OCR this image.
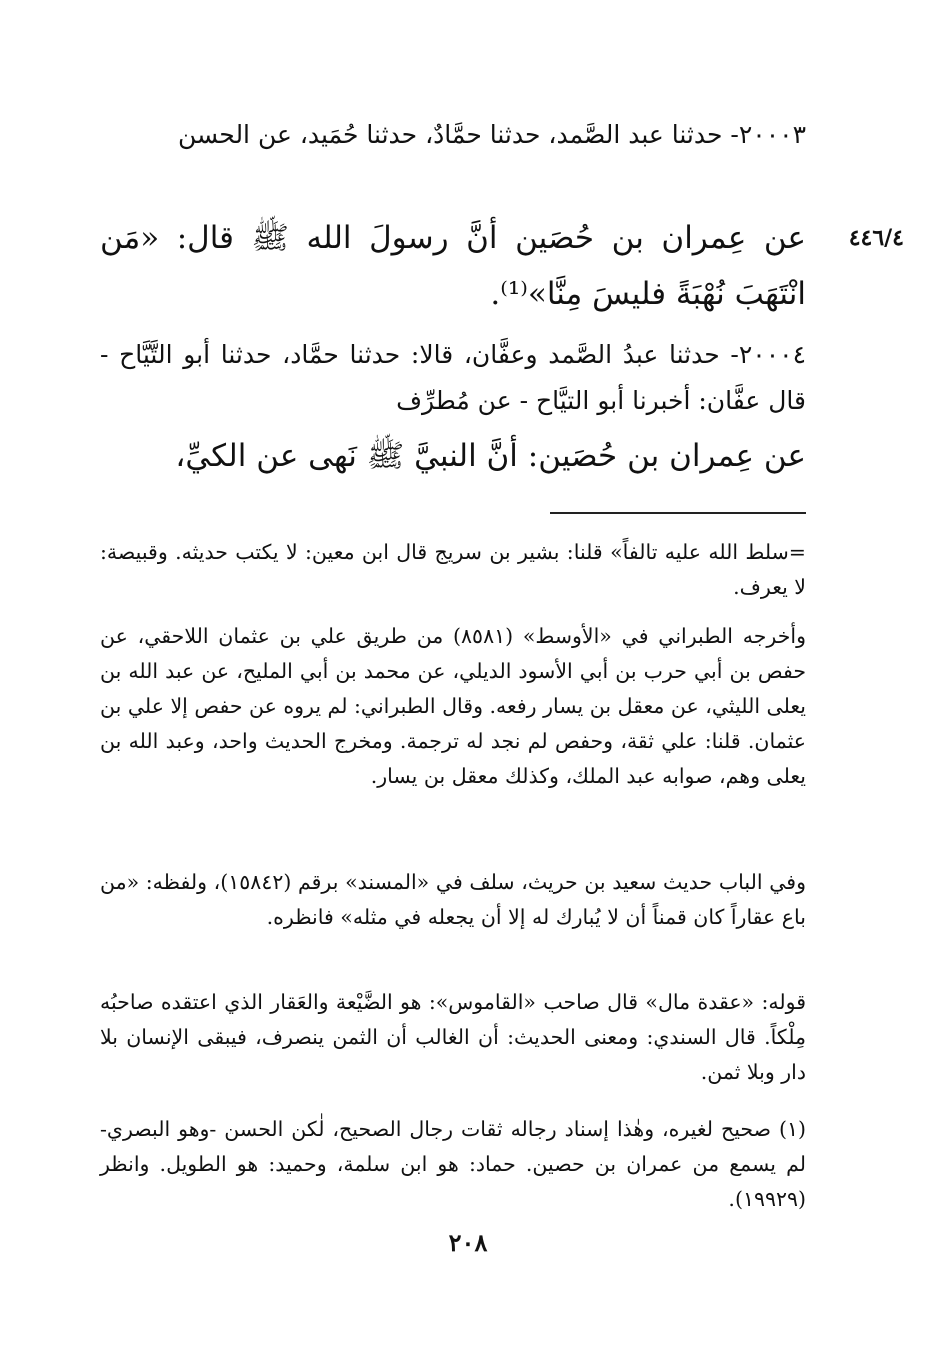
٢٠٠٠٣- حدثنا عبد الصَّمد، حدثنا حمَّادٌ، حدثنا حُمَيد، عن الحسن

٤٤٦/٤

عن عِمران بن حُصَين أنَّ رسولَ الله ﷺ قال: «مَن انْتَهَبَ نُهْبَةً فليسَ مِنَّا»⁽¹⁾.

٢٠٠٠٤- حدثنا عبدُ الصَّمد وعفَّان، قالا: حدثنا حمَّاد، حدثنا أبو التَّيَّاح - قال عفَّان: أخبرنا أبو التيَّاح - عن مُطرِّف

عن عِمران بن حُصَين: أنَّ النبيَّ ﷺ نَهى عن الكيِّ،

=سلط الله عليه تالفاً» قلنا: بشير بن سريج قال ابن معين: لا يكتب حديثه. وقبيصة: لا يعرف.

وأخرجه الطبراني في «الأوسط» (٨٥٨١) من طريق علي بن عثمان اللاحقي، عن حفص بن أبي حرب بن أبي الأسود الديلي، عن محمد بن أبي المليح، عن عبد الله بن يعلى الليثي، عن معقل بن يسار رفعه. وقال الطبراني: لم يروه عن حفص إلا علي بن عثمان. قلنا: علي ثقة، وحفص لم نجد له ترجمة. ومخرج الحديث واحد، وعبد الله بن يعلى وهم، صوابه عبد الملك، وكذلك معقل بن يسار.

وفي الباب حديث سعيد بن حريث، سلف في «المسند» برقم (١٥٨٤٢)، ولفظه: «من باع عقاراً كان قمناً أن لا يُبارك له إلا أن يجعله في مثله» فانظره.

قوله: «عقدة مال» قال صاحب «القاموس»: هو الضَّيْعة والعَقار الذي اعتقده صاحبُه مِلْكاً. قال السندي: ومعنى الحديث: أن الغالب أن الثمن ينصرف، فيبقى الإنسان بلا دار وبلا ثمن.

(١) صحيح لغيره، وهٰذا إسناد رجاله ثقات رجال الصحيح، لٰكن الحسن -وهو البصري- لم يسمع من عمران بن حصين. حماد: هو ابن سلمة، وحميد: هو الطويل. وانظر (١٩٩٢٩).

٢٠٨
